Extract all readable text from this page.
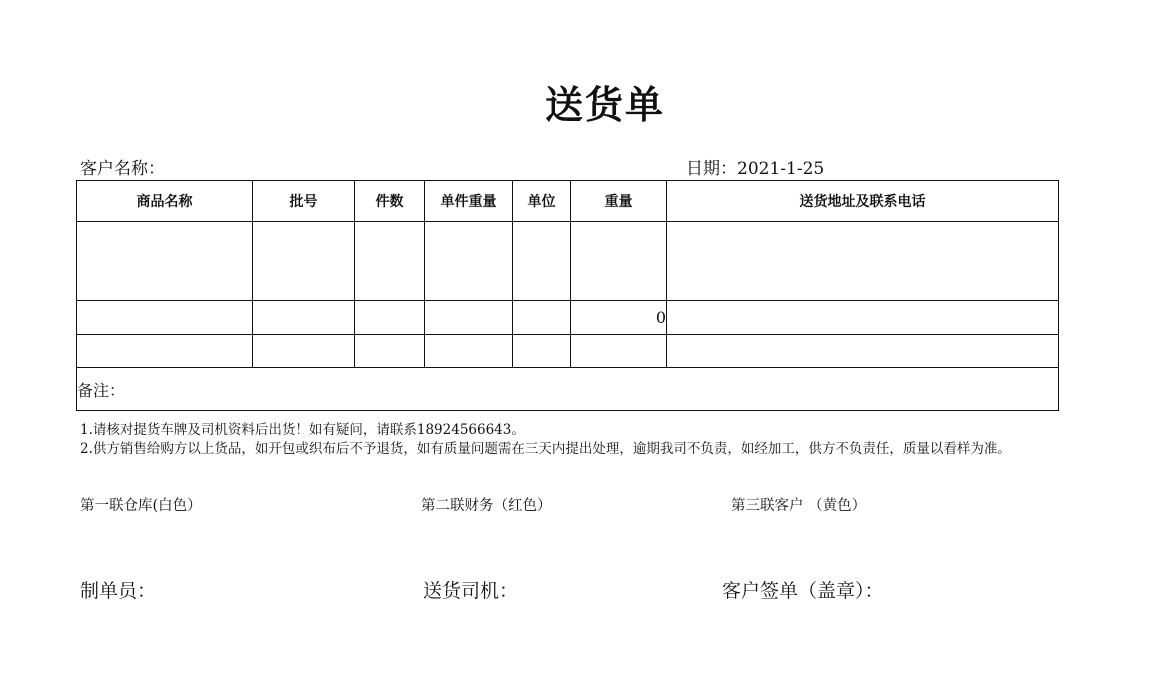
送货单
客户名称：	日期：2021-1-25
商品名称	批号	件数	单件重量	单位	重量	送货地址及联系电话

					0	

备注：						

1.请核对提货车牌及司机资料后出货！如有疑问，请联系18924566643。

2.供方销售给购方以上货品，如开包或织布后不予退货，如有质量问题需在三天内提出处理，逾期我司不负责，如经加工，供方不负责任，质量以看样为准。

第一联仓库(白色）	第二联财务（红色）	第三联客户 （黄色）
制单员：	送货司机：	客户签单（盖章）：
